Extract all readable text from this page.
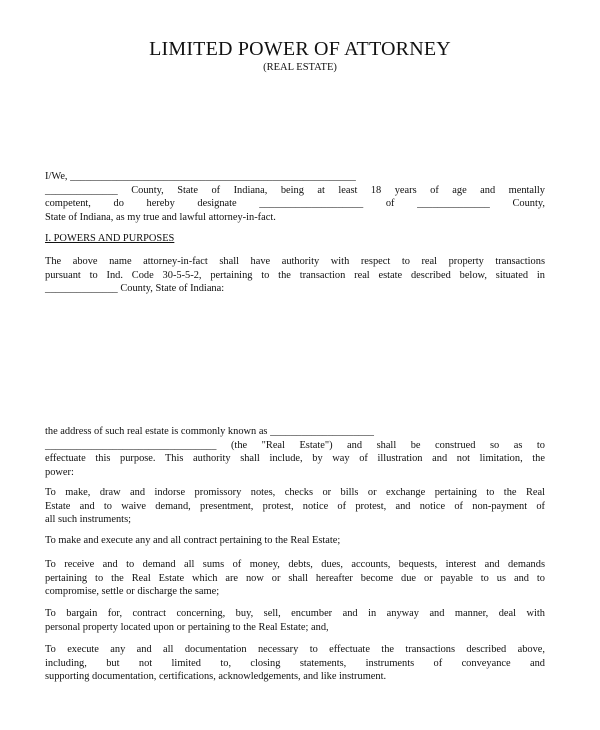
LIMITED POWER OF ATTORNEY
(REAL ESTATE)
I/We, _______________________________________________________
______________ County, State of Indiana, being at least 18 years of age and mentally
competent, do hereby designate ____________________ of ______________ County,
State of Indiana, as my true and lawful attorney-in-fact.
I. POWERS AND PURPOSES
The above name attorney-in-fact shall have authority with respect to real property transactions
pursuant to Ind. Code 30-5-5-2, pertaining to the transaction real estate described below, situated in
______________ County, State of Indiana:
the address of such real estate is commonly known as ____________________
_________________________________ (the "Real Estate") and shall be construed so as to
effectuate this purpose. This authority shall include, by way of illustration and not limitation, the
power:
To make, draw and indorse promissory notes, checks or bills or exchange pertaining to the Real
Estate and to waive demand, presentment, protest, notice of protest, and notice of non-payment of
all such instruments;
To make and execute any and all contract pertaining to the Real Estate;
To receive and to demand all sums of money, debts, dues, accounts, bequests, interest and demands
pertaining to the Real Estate which are now or shall hereafter become due or payable to us and to
compromise, settle or discharge the same;
To bargain for, contract concerning, buy, sell, encumber and in anyway and manner, deal with
personal property located upon or pertaining to the Real Estate; and,
To execute any and all documentation necessary to effectuate the transactions described above,
including, but not limited to, closing statements, instruments of conveyance and
supporting documentation, certifications, acknowledgements, and like instrument.
